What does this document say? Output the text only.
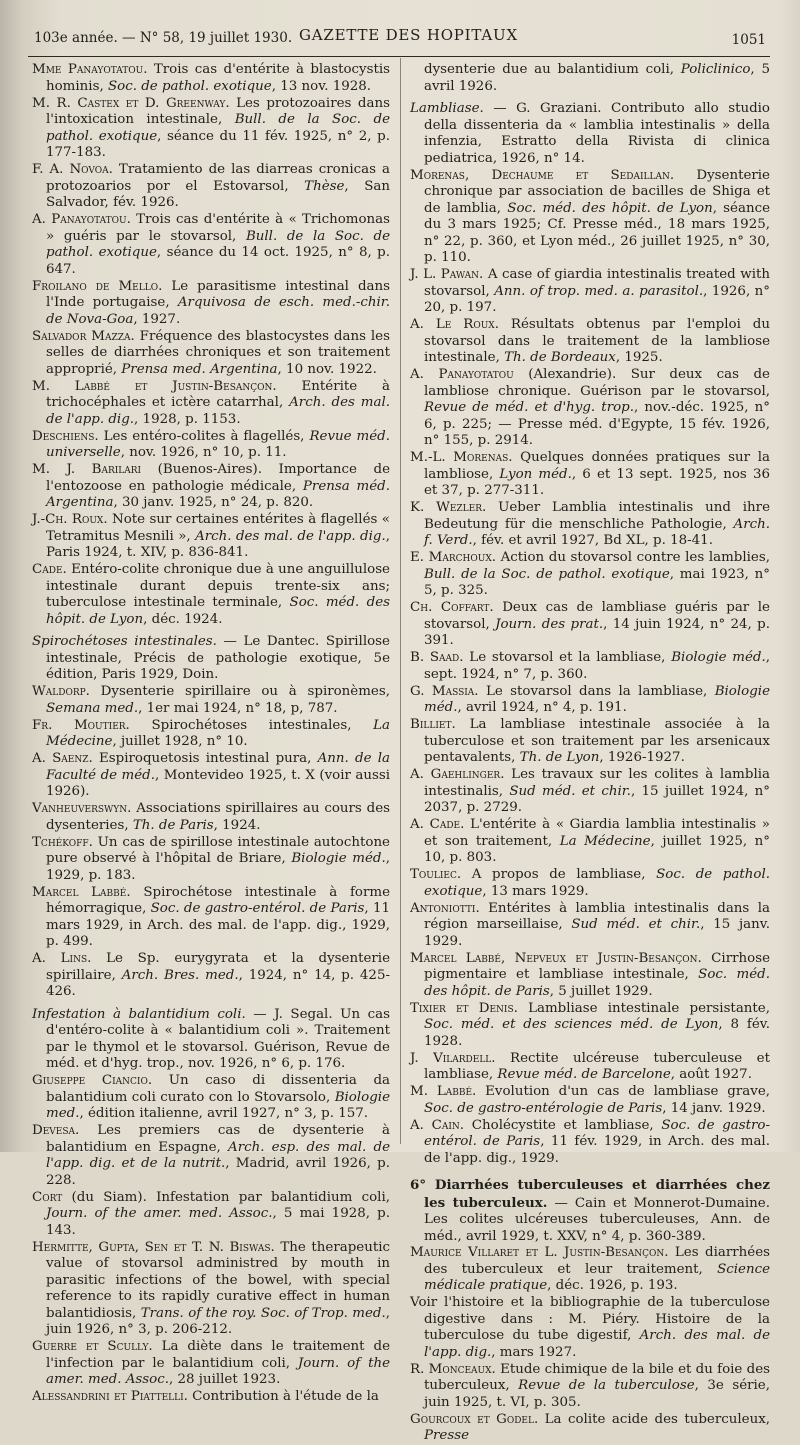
103e année. — N° 58, 19 juillet 1930. GAZETTE DES HOPITAUX	1051
Mme Panayotatou. Trois cas d'entérite à blastocystis hominis, Soc. de pathol. exotique, 13 nov. 1928.
M. R. Castex et D. Greenway. Les protozoaires dans l'intoxication intestinale, Bull. de la Soc. de pathol. exotique, séance du 11 fév. 1925, n° 2, p. 177-183.
F. A. Novoa. Tratamiento de las diarreas cronicas a protozoarios por el Estovarsol, Thèse, San Salvador, fév. 1926.
A. Panayotatou. Trois cas d'entérite à « Trichomonas » guéris par le stovarsol, Bull. de la Soc. de pathol. exotique, séance du 14 oct. 1925, n° 8, p. 647.
Froilano de Mello. Le parasitisme intestinal dans l'Inde portugaise, Arquivosa de esch. med.-chir. de Nova-Goa, 1927.
Salvador Mazza. Fréquence des blastocystes dans les selles de diarrhées chroniques et son traitement approprié, Prensa med. Argentina, 10 nov. 1922.
M. Labbé et Justin-Besançon. Entérite à trichocéphales et ictère catarrhal, Arch. des mal. de l'app. dig., 1928, p. 1153.
Deschiens. Les entéro-colites à flagellés, Revue méd. universelle, nov. 1926, n° 10, p. 11.
M. J. Barilari (Buenos-Aires). Importance de l'entozoose en pathologie médicale, Prensa méd. Argentina, 30 janv. 1925, n° 24, p. 820.
J.-Ch. Roux. Note sur certaines entérites à flagellés « Tetramitus Mesnili », Arch. des mal. de l'app. dig., Paris 1924, t. XIV, p. 836-841.
Cade. Entéro-colite chronique due à une anguillulose intestinale durant depuis trente-six ans; tuberculose intestinale terminale, Soc. méd. des hôpit. de Lyon, déc. 1924.
Spirochétoses intestinales. — Le Dantec. Spirillose intestinale, Précis de pathologie exotique, 5e édition, Paris 1929, Doin.
Waldorp. Dysenterie spirillaire ou à spironèmes, Semana med., 1er mai 1924, n° 18, p, 787.
Fr. Moutier. Spirochétoses intestinales, La Médecine, juillet 1928, n° 10.
A. Saenz. Espiroquetosis intestinal pura, Ann. de la Faculté de méd., Montevideo 1925, t. X (voir aussi 1926).
Vanheuverswyn. Associations spirillaires au cours des dysenteries, Th. de Paris, 1924.
Tchékoff. Un cas de spirillose intestinale autochtone pure observé à l'hôpital de Briare, Biologie méd., 1929, p. 183.
Marcel Labbé. Spirochétose intestinale à forme hémorragique, Soc. de gastro-entérol. de Paris, 11 mars 1929, in Arch. des mal. de l'app. dig., 1929, p. 499.
A. Lins. Le Sp. eurygyrata et la dysenterie spirillaire, Arch. Bres. med., 1924, n° 14, p. 425-426.
Infestation à balantidium coli. — J. Segal. Un cas d'entéro-colite à « balantidium coli ». Traitement par le thymol et le stovarsol. Guérison, Revue de méd. et d'hyg. trop., nov. 1926, n° 6, p. 176.
Giuseppe Ciancio. Un caso di dissenteria da balantidium coli curato con lo Stovarsolo, Biologie med., édition italienne, avril 1927, n° 3, p. 157.
Devesa. Les premiers cas de dysenterie à balantidium en Espagne, Arch. esp. des mal. de l'app. dig. et de la nutrit., Madrid, avril 1926, p. 228.
Cort (du Siam). Infestation par balantidium coli, Journ. of the amer. med. Assoc., 5 mai 1928, p. 143.
Hermitte, Gupta, Sen et T. N. Biswas. The therapeutic value of stovarsol administred by mouth in parasitic infections of the bowel, with special reference to its rapidly curative effect in human balantidiosis, Trans. of the roy. Soc. of Trop. med., juin 1926, n° 3, p. 206-212.
Guerre et Scully. La diète dans le traitement de l'infection par le balantidium coli, Journ. of the amer. med. Assoc., 28 juillet 1923.
Alessandrini et Piattelli. Contribution à l'étude de la
dysenterie due au balantidium coli, Policlinico, 5 avril 1926.
Lambliase. — G. Graziani. Contributo allo studio della dissenteria da « lamblia intestinalis » della infenzia, Estratto della Rivista di clinica pediatrica, 1926, n° 14.
Morenas, Dechaume et Sedaillan. Dysenterie chronique par association de bacilles de Shiga et de lamblia, Soc. méd. des hôpit. de Lyon, séance du 3 mars 1925; Cf. Presse méd., 18 mars 1925, n° 22, p. 360, et Lyon méd., 26 juillet 1925, n° 30, p. 110.
J. L. Pawan. A case of giardia intestinalis treated with stovarsol, Ann. of trop. med. a. parasitol., 1926, n° 20, p. 197.
A. Le Roux. Résultats obtenus par l'emploi du stovarsol dans le traitement de la lambliose intestinale, Th. de Bordeaux, 1925.
A. Panayotatou (Alexandrie). Sur deux cas de lambliose chronique. Guérison par le stovarsol, Revue de méd. et d'hyg. trop., nov.-déc. 1925, n° 6, p. 225; — Presse méd. d'Egypte, 15 fév. 1926, n° 155, p. 2914.
M.-L. Morenas. Quelques données pratiques sur la lambliose, Lyon méd., 6 et 13 sept. 1925, nos 36 et 37, p. 277-311.
K. Wezler. Ueber Lamblia intestinalis und ihre Bedeutung für die menschliche Pathologie, Arch. f. Verd., fév. et avril 1927, Bd XL, p. 18-41.
E. Marchoux. Action du stovarsol contre les lamblies, Bull. de la Soc. de pathol. exotique, mai 1923, n° 5, p. 325.
Ch. Coffart. Deux cas de lambliase guéris par le stovarsol, Journ. des prat., 14 juin 1924, n° 24, p. 391.
B. Saad. Le stovarsol et la lambliase, Biologie méd., sept. 1924, n° 7, p. 360.
G. Massia. Le stovarsol dans la lambliase, Biologie méd., avril 1924, n° 4, p. 191.
Billiet. La lambliase intestinale associée à la tuberculose et son traitement par les arsenicaux pentavalents, Th. de Lyon, 1926-1927.
A. Gaehlinger. Les travaux sur les colites à lamblia intestinalis, Sud méd. et chir., 15 juillet 1924, n° 2037, p. 2729.
A. Cade. L'entérite à « Giardia lamblia intestinalis » et son traitement, La Médecine, juillet 1925, n° 10, p. 803.
Touliec. A propos de lambliase, Soc. de pathol. exotique, 13 mars 1929.
Antoniotti. Entérites à lamblia intestinalis dans la région marseillaise, Sud méd. et chir., 15 janv. 1929.
Marcel Labbé, Nepveux et Justin-Besançon. Cirrhose pigmentaire et lambliase intestinale, Soc. méd. des hôpit. de Paris, 5 juillet 1929.
Tixier et Denis. Lambliase intestinale persistante, Soc. méd. et des sciences méd. de Lyon, 8 fév. 1928.
J. Vilardell. Rectite ulcéreuse tuberculeuse et lambliase, Revue méd. de Barcelone, août 1927.
M. Labbé. Evolution d'un cas de lambliase grave, Soc. de gastro-entérologie de Paris, 14 janv. 1929.
A. Cain. Cholécystite et lambliase, Soc. de gastro-entérol. de Paris, 11 fév. 1929, in Arch. des mal. de l'app. dig., 1929.
6° Diarrhées tuberculeuses et diarrhées chez les tuberculeux. — Cain et Monnerot-Dumaine. Les colites ulcéreuses tuberculeuses, Ann. de méd., avril 1929, t. XXV, n° 4, p. 360-389.
Maurice Villaret et L. Justin-Besançon. Les diarrhées des tuberculeux et leur traitement, Science médicale pratique, déc. 1926, p. 193.
Voir l'histoire et la bibliographie de la tuberculose digestive dans : M. Piéry. Histoire de la tuberculose du tube digestif, Arch. des mal. de l'app. dig., mars 1927.
R. Monceaux. Etude chimique de la bile et du foie des tuberculeux, Revue de la tuberculose, 3e série, juin 1925, t. VI, p. 305.
Gourcoux et Godel. La colite acide des tuberculeux, Presse
